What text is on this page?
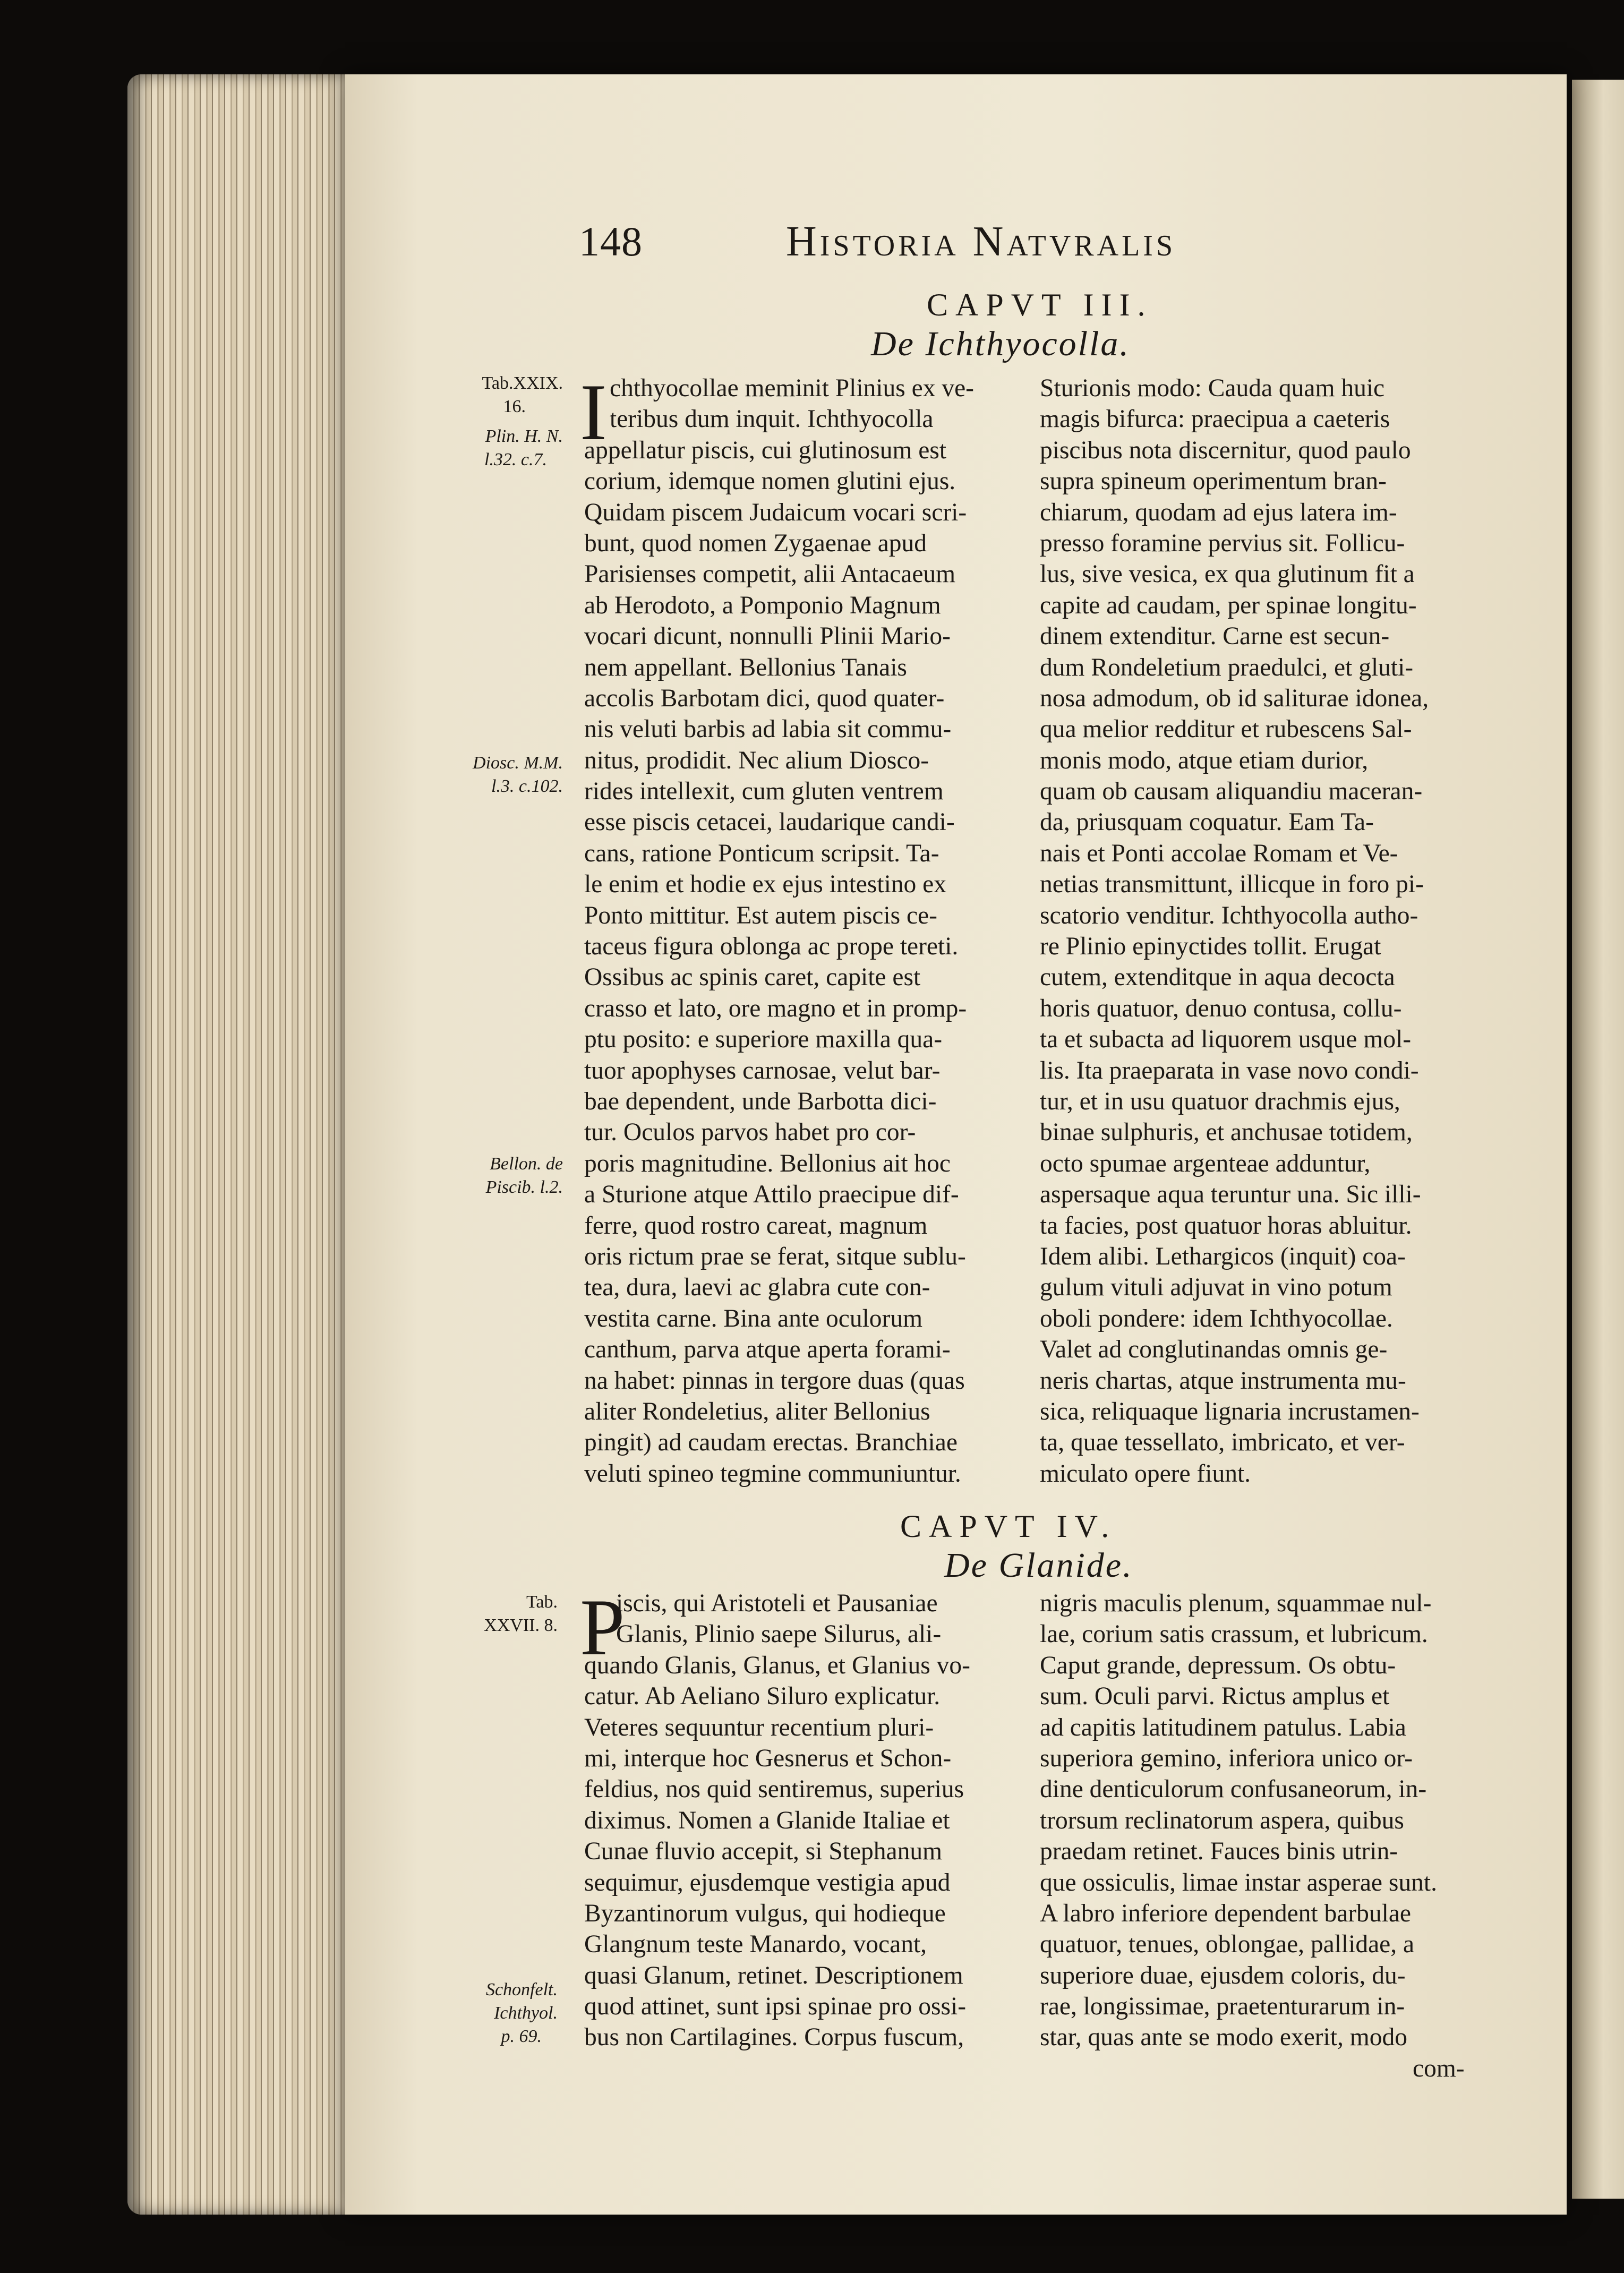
148	Historia Natvralis
CAPVT III.
De Ichthyocolla.
Tab.XXIX.
16.
Plin. H. N.
l.32. c.7.
Diosc. M.M.
l.3. c.102.
Bellon. de
Piscib. l.2.
I chthyocollae meminit Plinius ex ve-
teribus dum inquit. Ichthyocolla
appellatur piscis, cui glutinosum est
corium, idemque nomen glutini ejus.
Quidam piscem Judaicum vocari scri-
bunt, quod nomen Zygaenae apud
Parisienses competit, alii Antacaeum
ab Herodoto, a Pomponio Magnum
vocari dicunt, nonnulli Plinii Mario-
nem appellant. Bellonius Tanais
accolis Barbotam dici, quod quater-
nis veluti barbis ad labia sit commu-
nitus, prodidit. Nec alium Dioscο-
rides intellexit, cum gluten ventrem
esse piscis cetacei, laudarique candi-
cans, ratione Ponticum scripsit. Ta-
le enim et hodie ex ejus intestino ex
Ponto mittitur. Est autem piscis ce-
taceus figura oblonga ac prope tereti.
Ossibus ac spinis caret, capite est
crasso et lato, ore magno et in promp-
ptu posito: e superiore maxilla qua-
tuor apophyses carnosae, velut bar-
bae dependent, unde Barbotta dici-
tur. Oculos parvos habet pro cor-
poris magnitudine. Bellonius ait hoc
a Sturione atque Attilo praecipue dif-
ferre, quod rostro careat, magnum
oris rictum prae se ferat, sitque sublu-
tea, dura, laevi ac glabra cute con-
vestita carne. Bina ante oculorum
canthum, parva atque aperta forami-
na habet: pinnas in tergore duas (quas
aliter Rondeletius, aliter Bellonius
pingit) ad caudam erectas. Branchiae
veluti spineo tegmine communiuntur.
Sturionis modo: Cauda quam huic
magis bifurca: praecipua a caeteris
piscibus nota discernitur, quod paulo
supra spineum operimentum bran-
chiarum, quodam ad ejus latera im-
presso foramine pervius sit. Follicu-
lus, sive vesica, ex qua glutinum fit a
capite ad caudam, per spinae longitu-
dinem extenditur. Carne est secun-
dum Rondeletium praedulci, et gluti-
nosa admodum, ob id saliturae idonea,
qua melior redditur et rubescens Sal-
monis modo, atque etiam durior,
quam ob causam aliquandiu maceran-
da, priusquam coquatur. Eam Ta-
nais et Ponti accolae Romam et Ve-
netias transmittunt, illicque in foro pi-
scatorio venditur. Ichthyocolla autho-
re Plinio epinyctides tollit. Erugat
cutem, extenditque in aqua decocta
horis quatuor, denuo contusa, collu-
ta et subacta ad liquorem usque mol-
lis. Ita praeparata in vase novo condi-
tur, et in usu quatuor drachmis ejus,
binae sulphuris, et anchusae totidem,
octo spumae argenteae adduntur,
aspersaque aqua teruntur una. Sic illi-
ta facies, post quatuor horas abluitur.
Idem alibi. Lethargicos (inquit) coa-
gulum vituli adjuvat in vino potum
oboli pondere: idem Ichthyocollae.
Valet ad conglutinandas omnis ge-
neris chartas, atque instrumenta mu-
sica, reliquaque lignaria incrustamen-
ta, quae tessellato, imbricato, et ver-
miculato opere fiunt.
CAPVT IV.
De Glanide.
Tab.
XXVII. 8.
Schonfelt.
Ichthyol.
p. 69.
P
iscis, qui Aristoteli et Pausaniae
Glanis, Plinio saepe Silurus, ali-
quando Glanis, Glanus, et Glanius vo-
catur. Ab Aeliano Siluro explicatur.
Veteres sequuntur recentium pluri-
mi, interque hoc Gesnerus et Schon-
feldius, nos quid sentiremus, superius
diximus. Nomen a Glanide Italiae et
Cunae fluvio accepit, si Stephanum
sequimur, ejusdemque vestigia apud
Byzantinorum vulgus, qui hodieque
Glangnum teste Manardo, vocant,
quasi Glanum, retinet. Descriptionem
quod attinet, sunt ipsi spinae pro ossi-
bus non Cartilagines. Corpus fuscum,
nigris maculis plenum, squammae nul-
lae, corium satis crassum, et lubricum.
Caput grande, depressum. Os obtu-
sum. Oculi parvi. Rictus amplus et
ad capitis latitudinem patulus. Labia
superiora gemino, inferiora unico or-
dine denticulorum confusaneorum, in-
trorsum reclinatorum aspera, quibus
praedam retinet. Fauces binis utrin-
que ossiculis, limae instar asperae sunt.
A labro inferiore dependent barbulae
quatuor, tenues, oblongae, pallidae, a
superiore duae, ejusdem coloris, du-
rae, longissimae, praetenturarum in-
star, quas ante se modo exerit, modo
com-
